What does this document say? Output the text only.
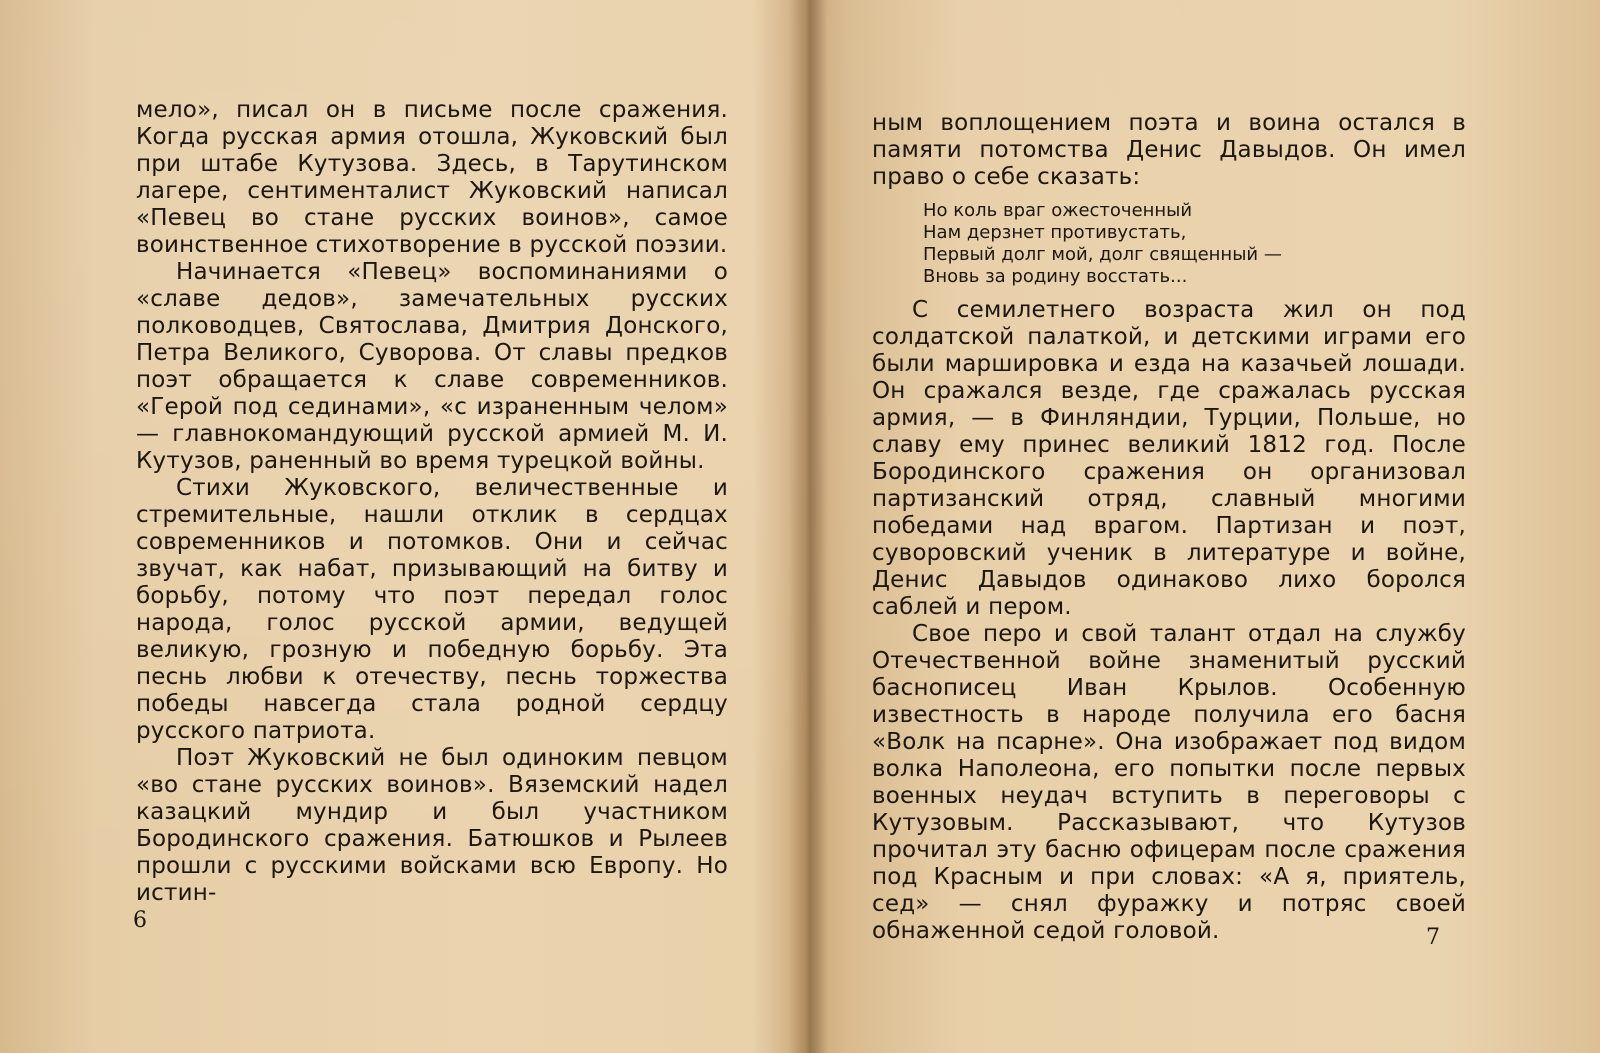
мело», писал он в письме после сражения. Когда русская армия отошла, Жуковский был при штабе Кутузова. Здесь, в Тарутинском лагере, сентименталист Жуковский написал «Певец во стане русских воинов», самое воинственное стихотворение в русской поэзии.

Начинается «Певец» воспоминаниями о «славе дедов», замечательных русских полководцев, Святослава, Дмитрия Донского, Петра Великого, Суворова. От славы предков поэт обращается к славе современников. «Герой под сединами», «с израненным челом» — главнокомандующий русской армией М. И. Кутузов, раненный во время турецкой войны.

Стихи Жуковского, величественные и стремительные, нашли отклик в сердцах современников и потомков. Они и сейчас звучат, как набат, призывающий на битву и борьбу, потому что поэт передал голос народа, голос русской армии, ведущей великую, грозную и победную борьбу. Эта песнь любви к отечеству, песнь торжества победы навсегда стала родной сердцу русского патриота.

Поэт Жуковский не был одиноким певцом «во стане русских воинов». Вяземский надел казацкий мундир и был участником Бородинского сражения. Батюшков и Рылеев прошли с русскими войсками всю Европу. Но истин-

6

ным воплощением поэта и воина остался в памяти потомства Денис Давыдов. Он имел право о себе сказать:

Но коль враг ожесточенный
Нам дерзнет противустать,
Первый долг мой, долг священный —
Вновь за родину восстать...

С семилетнего возраста жил он под солдатской палаткой, и детскими играми его были маршировка и езда на казачьей лошади. Он сражался везде, где сражалась русская армия, — в Финляндии, Турции, Польше, но славу ему принес великий 1812 год. После Бородинского сражения он организовал партизанский отряд, славный многими победами над врагом. Партизан и поэт, суворовский ученик в литературе и войне, Денис Давыдов одинаково лихо боролся саблей и пером.

Свое перо и свой талант отдал на службу Отечественной войне знаменитый русский баснописец Иван Крылов. Особенную известность в народе получила его басня «Волк на псарне». Она изображает под видом волка Наполеона, его попытки после первых военных неудач вступить в переговоры с Кутузовым. Рассказывают, что Кутузов прочитал эту басню офицерам после сражения под Красным и при словах: «А я, приятель, сед» — снял фуражку и потряс своей обнаженной седой головой.	7
